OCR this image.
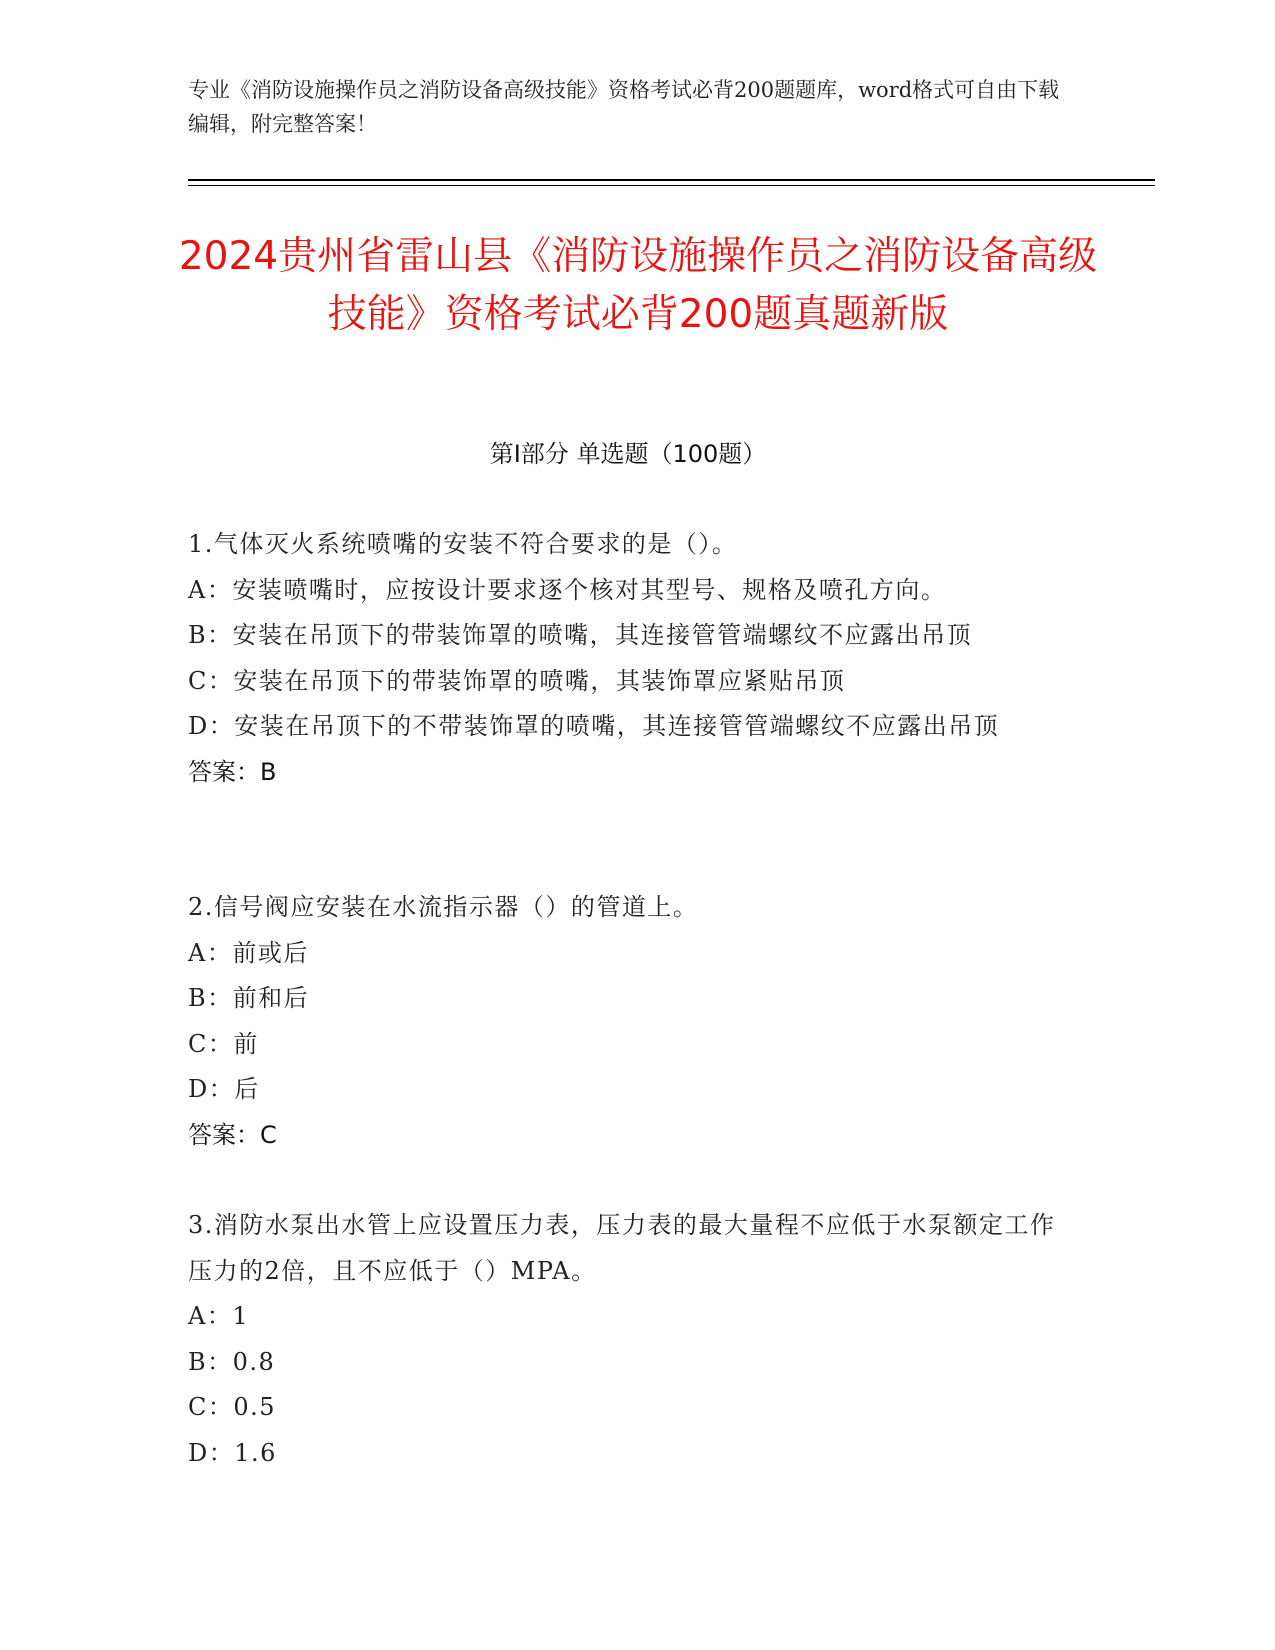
专业《消防设施操作员之消防设备高级技能》资格考试必背200题题库，word格式可自由下载编辑，附完整答案！
2024贵州省雷山县《消防设施操作员之消防设备高级技能》资格考试必背200题真题新版
第Ⅰ部分 单选题（100题）
1.气体灭火系统喷嘴的安装不符合要求的是（）。
A：安装喷嘴时，应按设计要求逐个核对其型号、规格及喷孔方向。
B：安装在吊顶下的带装饰罩的喷嘴，其连接管管端螺纹不应露出吊顶
C：安装在吊顶下的带装饰罩的喷嘴，其装饰罩应紧贴吊顶
D：安装在吊顶下的不带装饰罩的喷嘴，其连接管管端螺纹不应露出吊顶
答案：B
2.信号阀应安装在水流指示器（）的管道上。
A：前或后
B：前和后
C：前
D：后
答案：C
3.消防水泵出水管上应设置压力表，压力表的最大量程不应低于水泵额定工作压力的2倍，且不应低于（）MPA。
A：1
B：0.8
C：0.5
D：1.6
